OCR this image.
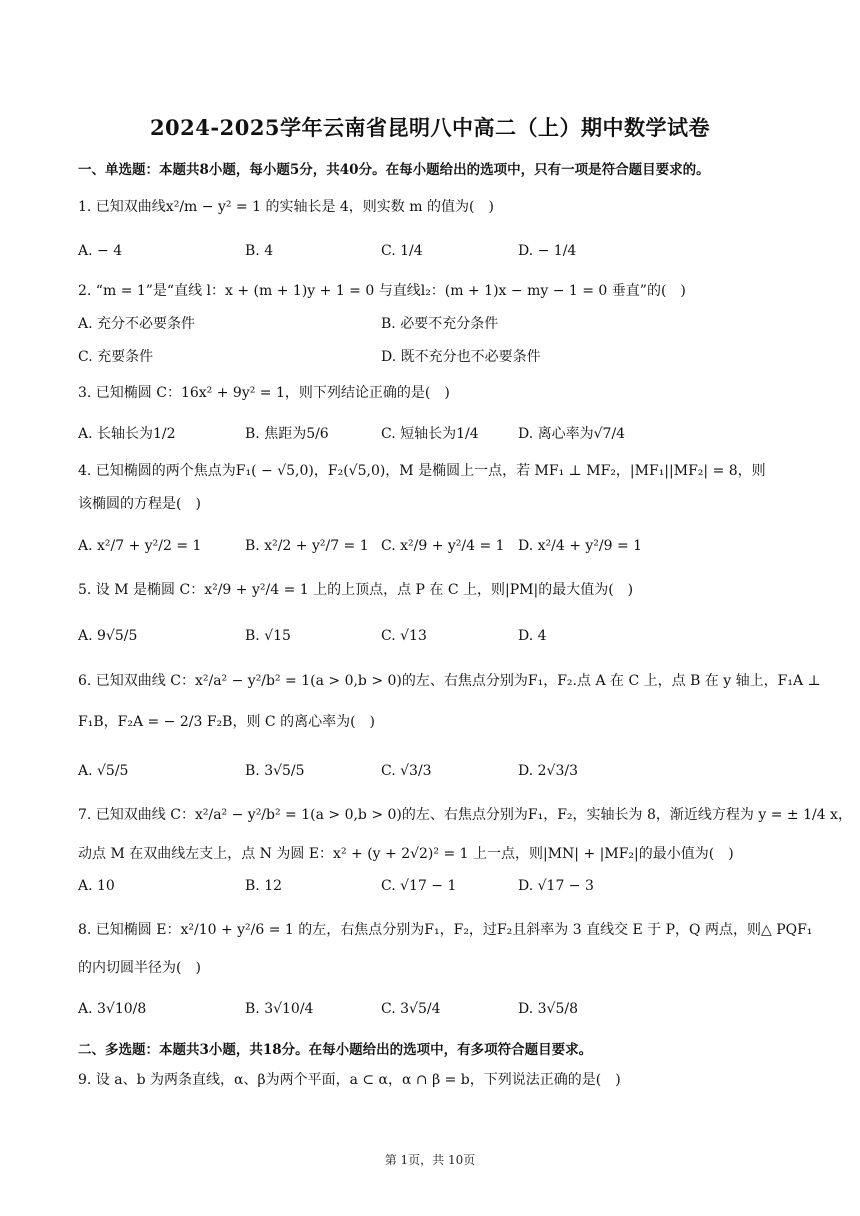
2024-2025学年云南省昆明八中高二（上）期中数学试卷
一、单选题：本题共8小题，每小题5分，共40分。在每小题给出的选项中，只有一项是符合题目要求的。
1. 已知双曲线x²/m − y² = 1 的实轴长是 4，则实数 m 的值为(　)
A. − 4	B. 4	C. 1/4	D. − 1/4
2. “m = 1”是“直线 l：x + (m + 1)y + 1 = 0 与直线l₂：(m + 1)x − my − 1 = 0 垂直”的(　)
A. 充分不必要条件	B. 必要不充分条件
C. 充要条件	D. 既不充分也不必要条件
3. 已知椭圆 C：16x² + 9y² = 1，则下列结论正确的是(　)
A. 长轴长为1/2	B. 焦距为5/6	C. 短轴长为1/4	D. 离心率为√7/4
4. 已知椭圆的两个焦点为F₁( − √5,0)，F₂(√5,0)，M 是椭圆上一点，若 MF₁ ⊥ MF₂，|MF₁||MF₂| = 8，则
该椭圆的方程是(　)
A. x²/7 + y²/2 = 1	B. x²/2 + y²/7 = 1 C. x²/9 + y²/4 = 1 D. x²/4 + y²/9 = 1
5. 设 M 是椭圆 C：x²/9 + y²/4 = 1 上的上顶点，点 P 在 C 上，则|PM|的最大值为(　)
A. 9√5/5	B. √15	C. √13	D. 4
6. 已知双曲线 C：x²/a² − y²/b² = 1(a > 0,b > 0)的左、右焦点分别为F₁，F₂.点 A 在 C 上，点 B 在 y 轴上，F₁A ⊥
F₁B，F₂A = − 2/3 F₂B，则 C 的离心率为(　)
A. √5/5	B. 3√5/5	C. √3/3	D. 2√3/3
7. 已知双曲线 C：x²/a² − y²/b² = 1(a > 0,b > 0)的左、右焦点分别为F₁，F₂，实轴长为 8，渐近线方程为 y = ± 1/4 x，
动点 M 在双曲线左支上，点 N 为圆 E：x² + (y + 2√2)² = 1 上一点，则|MN| + |MF₂|的最小值为(　)
A. 10	B. 12	C. √17 − 1	D. √17 − 3
8. 已知椭圆 E：x²/10 + y²/6 = 1 的左，右焦点分别为F₁，F₂，过F₂且斜率为 3 直线交 E 于 P，Q 两点，则△ PQF₁
的内切圆半径为(　)
A. 3√10/8	B. 3√10/4	C. 3√5/4	D. 3√5/8
二、多选题：本题共3小题，共18分。在每小题给出的选项中，有多项符合题目要求。
9. 设 a、b 为两条直线，α、β为两个平面，a ⊂ α，α ∩ β = b，下列说法正确的是(　)
第 1页，共 10页
